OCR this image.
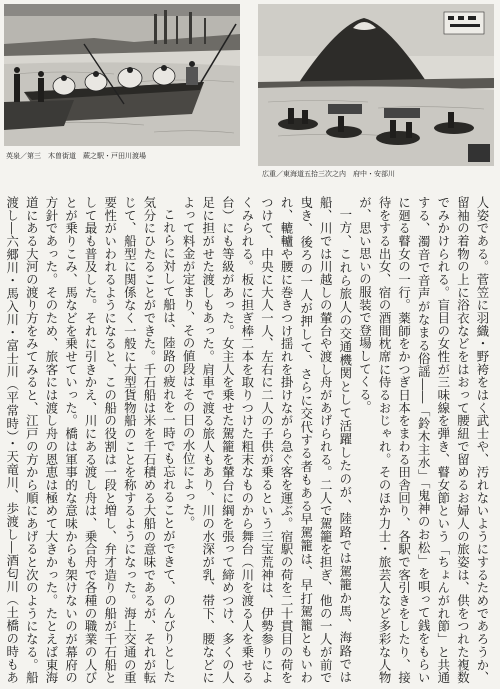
英泉／第三　木曽街道　蕨之駅・戸田川渡場
広重／東海道五拾三次之内　府中・安部川

人姿である。菅笠に羽織・野袴をはく武士や、汚れないようにするためであろうか、留袖の着物の上に浴衣などをはおって腰紐で留めるお婦人の旅姿は、供をつれた複数でみかけられる。盲目の女性が三味線を弾き、瞽女節という「ちょんがれ節」と共通する、濁音で音声がなまる俗謡――「鈴木主水」「鬼神のお松」を唄って銭をもらいに廻る瞽女の一行。薬師をかつぎ日本をまわる田舎回り、各駅で客引きをしたり、接待をする出女、宿の酒間枕席に侍るおじゃれ。そのほか力士・旅芸人など多彩な人物が、思い思いの服装で登場してくる。

一方、これら旅人の交通機関として活躍したのが、陸路では駕籠か馬、海路では船、川では川越しの輦台や渡し舟があげられる。二人で駕籠を担ぎ、他の一人が前で曳き、後ろの一人が押して、さらに交代する者もある早駕籠は、早打駕籠ともいわれ、轆轤や腰に巻きつけ揺れを掛けながら急ぐ客を運ぶ。宿駅の荷を二十貫目の荷をつけて、中央に大人一人、左右に二人の子供が乗るという三宝荒神は、伊勢参りによくみられる。板に担ぎ棒二本を取りつけた粗末なものから舞台（川を渡る人を乗せる台）にも等級があった。女主人を乗せた駕籠を輦台に綱を張って締めつけ、多くの人足に担がせた渡しもあった。肩車で渡る旅人もあり、川の水深が乳、帯下、腰などによって料金が定まり、その値段はその日の水位によった。

これらに対して船は、陸路の疲れを一時でも忘れることができて、のんびりとした気分にひたることができた。千石船は米を千石積める大船の意味であるが、それが転じて、船型に関係なく一般に大型貨物船のことを称するようになった。海上交通の重要性がいわれるようになると、この船の役割は一段と増し、弁才造りの船が千石船として最も普及した。それに引きかえ、川にある渡し舟は、乗合舟で各種の職業の人びとが乗りこみ、馬などを乗せていった。橋は軍事的な意味からも架けないのが幕府の方針であった。そのため、旅客には渡し舟の恩恵は極めて大きかった。たとえば東海道にある大河の渡り方をみてみると、江戸の方から順にあげると次のようになる。船渡し―六郷川・馬入川・富士川（平常時）・天竜川、歩渡し―酒匂川（土橋の時もあ
